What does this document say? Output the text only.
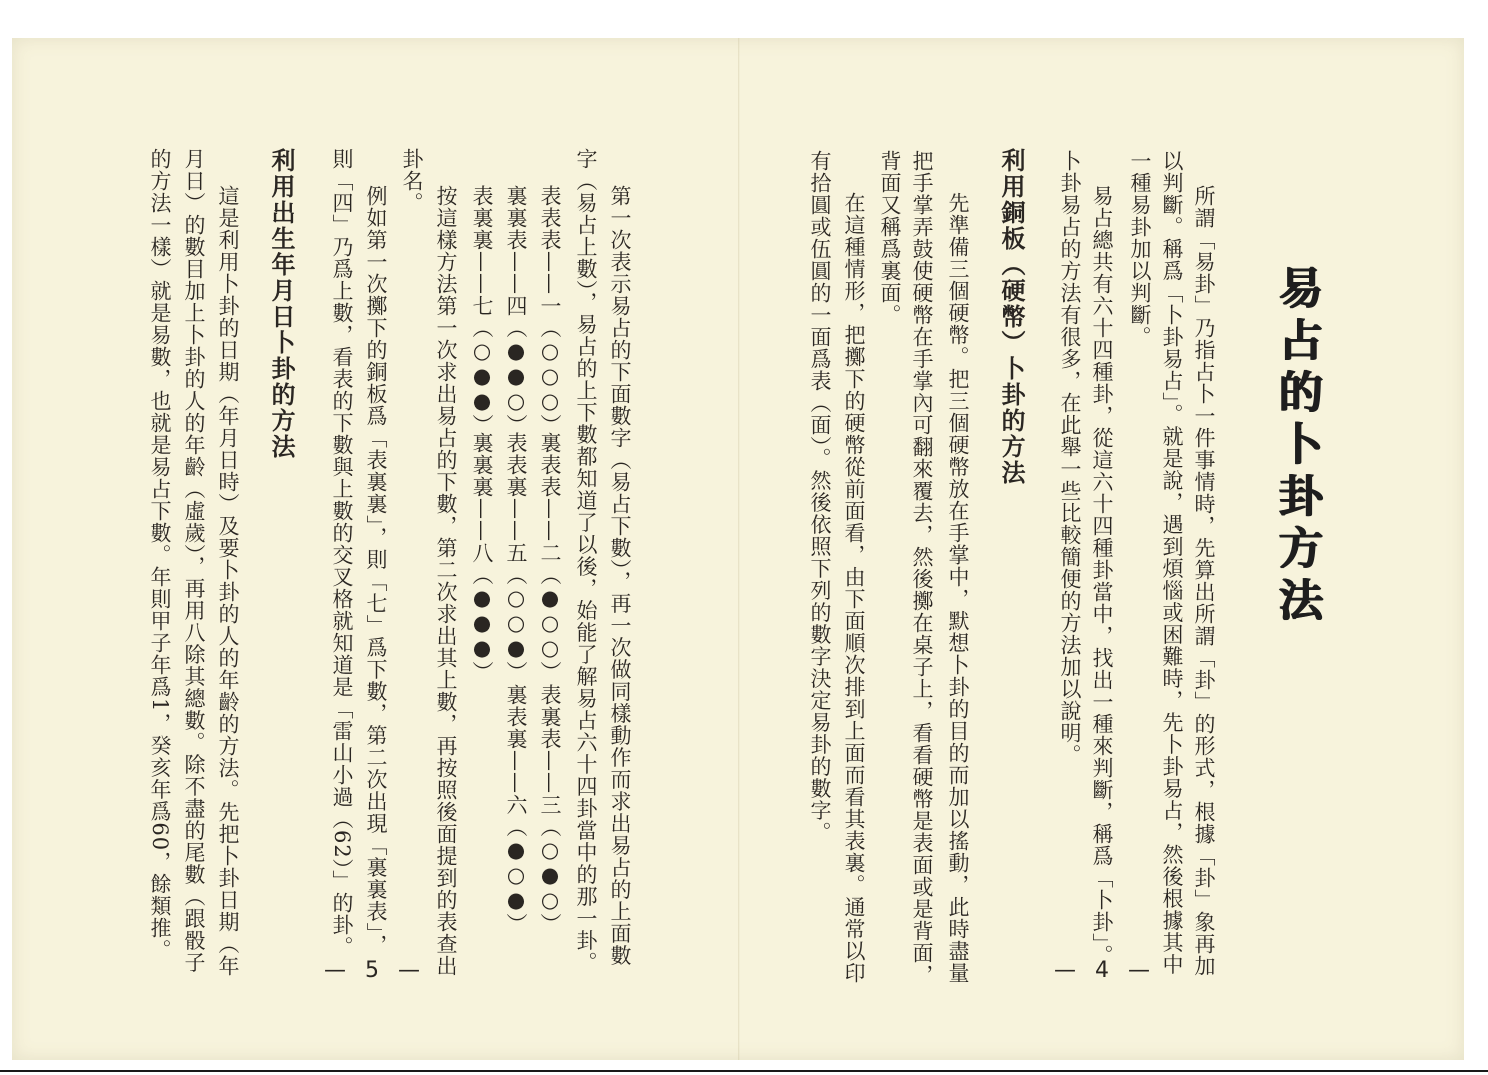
易占的卜卦方法
所謂「易卦」乃指占卜一件事情時，先算出所謂「卦」的形式，根據「卦」象再加
以判斷。稱爲「卜卦易占」。就是說，遇到煩惱或困難時，先卜卦易占，然後根據其中
一種易卦加以判斷。
易占總共有六十四種卦，從這六十四種卦當中，找出一種來判斷，稱爲「卜卦」。
卜卦易占的方法有很多，在此舉一些比較簡便的方法加以說明。
利用銅板（硬幣）卜卦的方法
先準備三個硬幣。把三個硬幣放在手掌中，默想卜卦的目的而加以搖動，此時盡量
把手掌弄鼓使硬幣在手掌內可翻來覆去，然後擲在桌子上，看看硬幣是表面或是背面，
背面又稱爲裏面。
在這種情形，把擲下的硬幣從前面看，由下面順次排到上面而看其表裏。通常以印
有拾圓或伍圓的一面爲表（面）。然後依照下列的數字決定易卦的數字。
— 4 —
第一次表示易占的下面數字（易占下數），再一次做同樣動作而求出易占的上面數
字（易占上數），易占的上下數都知道了以後，始能了解易占六十四卦當中的那一卦。
表表表——一（○○○）
裏裏表——四（●●○）
表裏裏——七（○●●）
裏表表——二（●○○）
表表裏——五（○○●）
裏裏裏——八（●●●）
表裏表——三（○●○）
裏表裏——六（●○●）
按這樣方法第一次求出易占的下數，第二次求出其上數，再按照後面提到的表查出
卦名。
例如第一次擲下的銅板爲「表裏裏」，則「七」爲下數，第二次出現「裏裏表」，
則「四」乃爲上數，看表的下數與上數的交叉格就知道是「雷山小過（62）」的卦。
利用出生年月日卜卦的方法
這是利用卜卦的日期（年月日時）及要卜卦的人的年齡的方法。先把卜卦日期（年
月日）的數目加上卜卦的人的年齡（虛歲），再用八除其總數。除不盡的尾數（跟骰子
的方法一樣）就是易數，也就是易占下數。年則甲子年爲1，癸亥年爲60，餘類推。
— 5 —
